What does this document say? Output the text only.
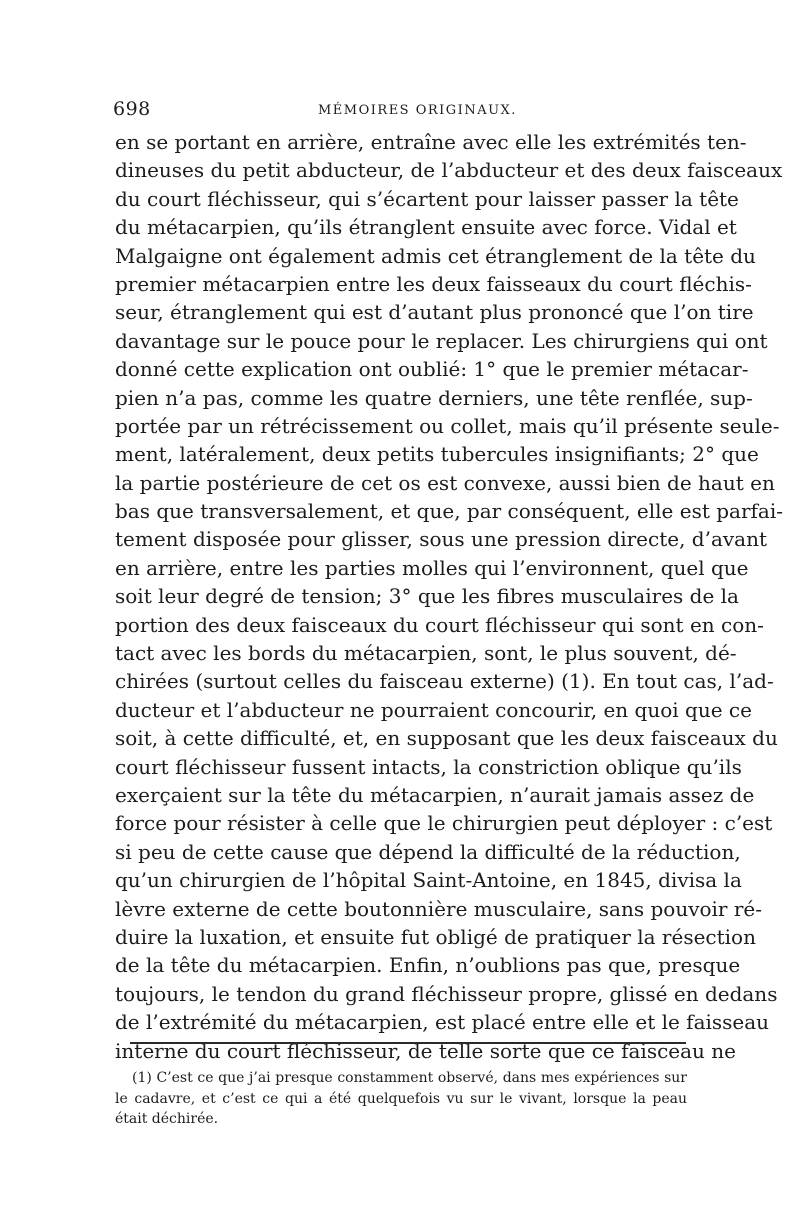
698	MÉMOIRES ORIGINAUX.
en se portant en arrière, entraîne avec elle les extrémités ten-
dineuses du petit abducteur, de l’abducteur et des deux faisceaux
du court fléchisseur, qui s’écartent pour laisser passer la tête
du métacarpien, qu’ils étranglent ensuite avec force. Vidal et
Malgaigne ont également admis cet étranglement de la tête du
premier métacarpien entre les deux faisseaux du court fléchis-
seur, étranglement qui est d’autant plus prononcé que l’on tire
davantage sur le pouce pour le replacer. Les chirurgiens qui ont
donné cette explication ont oublié: 1° que le premier métacar-
pien n’a pas, comme les quatre derniers, une tête renflée, sup-
portée par un rétrécissement ou collet, mais qu’il présente seule-
ment, latéralement, deux petits tubercules insignifiants; 2° que
la partie postérieure de cet os est convexe, aussi bien de haut en
bas que transversalement, et que, par conséquent, elle est parfai-
tement disposée pour glisser, sous une pression directe, d’avant
en arrière, entre les parties molles qui l’environnent, quel que
soit leur degré de tension; 3° que les fibres musculaires de la
portion des deux faisceaux du court fléchisseur qui sont en con-
tact avec les bords du métacarpien, sont, le plus souvent, dé-
chirées (surtout celles du faisceau externe) (1). En tout cas, l’ad-
ducteur et l’abducteur ne pourraient concourir, en quoi que ce
soit, à cette difficulté, et, en supposant que les deux faisceaux du
court fléchisseur fussent intacts, la constriction oblique qu’ils
exerçaient sur la tête du métacarpien, n’aurait jamais assez de
force pour résister à celle que le chirurgien peut déployer : c’est
si peu de cette cause que dépend la difficulté de la réduction,
qu’un chirurgien de l’hôpital Saint-Antoine, en 1845, divisa la
lèvre externe de cette boutonnière musculaire, sans pouvoir ré-
duire la luxation, et ensuite fut obligé de pratiquer la résection
de la tête du métacarpien. Enfin, n’oublions pas que, presque
toujours, le tendon du grand fléchisseur propre, glissé en dedans
de l’extrémité du métacarpien, est placé entre elle et le faisseau
interne du court fléchisseur, de telle sorte que ce faisceau ne
(1) C’est ce que j’ai presque constamment observé, dans mes expériences sur
le cadavre, et c’est ce qui a été quelquefois vu sur le vivant, lorsque la peau
était déchirée.
